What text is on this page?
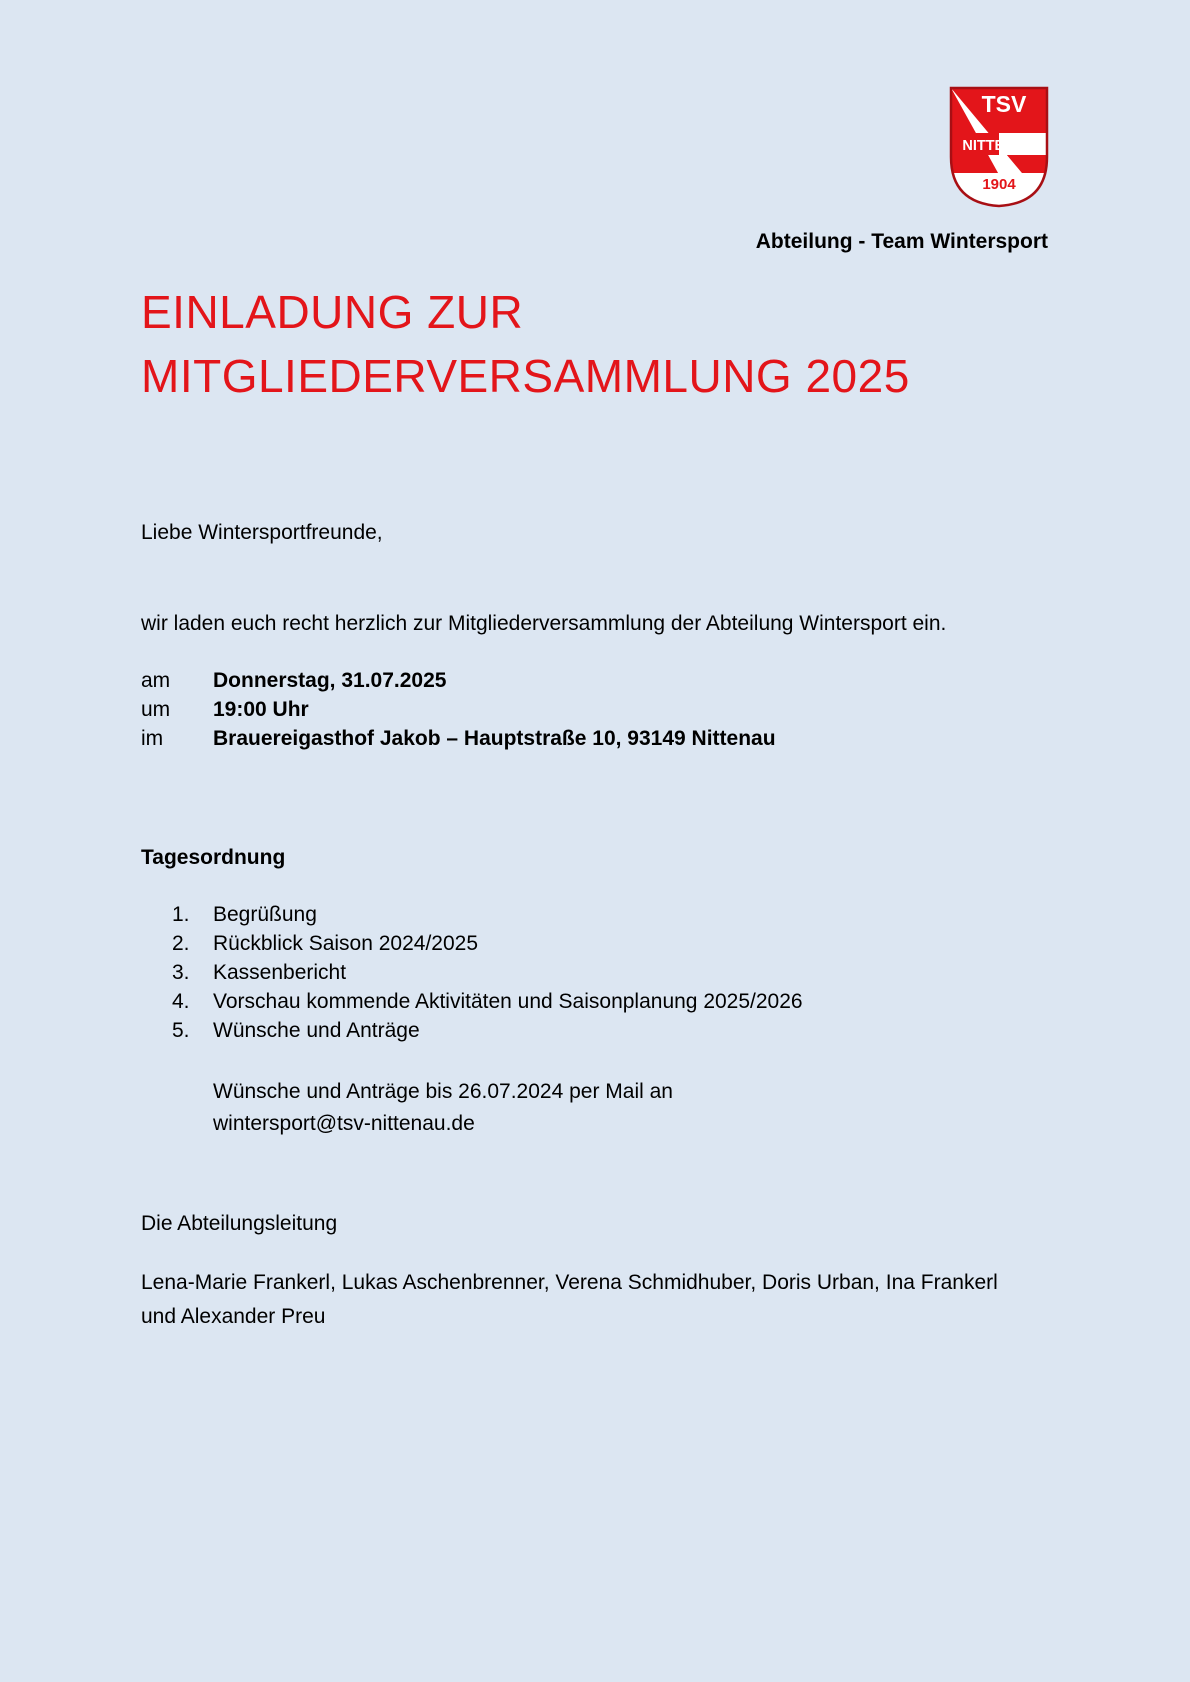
TSV
NITTENAU
1904
Abteilung - Team Wintersport
EINLADUNG ZUR
MITGLIEDERVERSAMMLUNG 2025
Liebe Wintersportfreunde,
wir laden euch recht herzlich zur Mitgliederversammlung der Abteilung Wintersport ein.
am	Donnerstag, 31.07.2025
um	19:00 Uhr
im	Brauereigasthof Jakob – Hauptstraße 10, 93149 Nittenau
Tagesordnung
1.	Begrüßung
2.	Rückblick Saison 2024/2025
3.	Kassenbericht
4.	Vorschau kommende Aktivitäten und Saisonplanung 2025/2026
5.	Wünsche und Anträge
Wünsche und Anträge bis 26.07.2024 per Mail an
wintersport@tsv-nittenau.de
Die Abteilungsleitung
Lena-Marie Frankerl, Lukas Aschenbrenner, Verena Schmidhuber, Doris Urban, Ina Frankerl
und Alexander Preu
